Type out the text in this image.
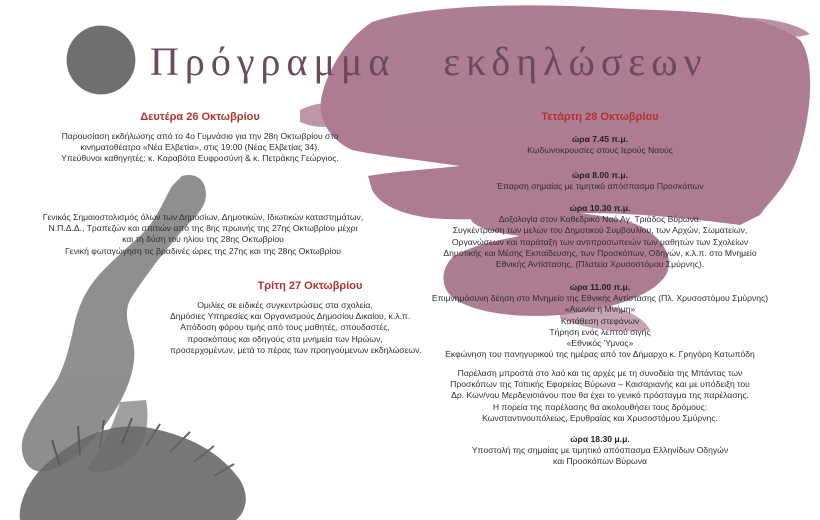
Πρόγραμμα   εκδηλώσεων
Δευτέρα 26 Οκτωβρίου
Παρουσίαση εκδήλωσης από το 4ο Γυμνάσιο για την 28η Οκτωβρίου στο
κινηματοθέατρο «Νέα Ελβετία», στις 19:00 (Νέας Ελβετίας 34).
Υπεύθυνοι καθηγητές: κ. Καραβότα Ευφροσύνη & κ. Πετράκης Γεώργιος.
Γενικός Σημαιοστολισμός όλων των Δημοσίων, Δημοτικών, Ιδιωτικών καταστημάτων,
Ν.Π.Δ.Δ., Τραπεζών και σπιτιών από της 8ης πρωινής της 27ης Οκτωβρίου μέχρι
και τη δύση του ηλίου της 28ης Οκτωβρίου
Γενική φωταγώγηση τις βραδινές ώρες της 27ης και της 28ης Οκτωβρίου
Τρίτη 27 Οκτωβρίου
Ομιλίες σε ειδικές συγκεντρώσεις στα σχολεία,
Δημόσιες Υπηρεσίες και Οργανισμούς Δημοσίου Δικαίου, κ.λ.π.
Απόδοση φόρου τιμής από τους μαθητές, σπουδαστές,
προσκόπους και οδηγούς στα μνημεία των Ηρώων,
προσερχομένων, μετά το πέρας των προηγούμενων εκδηλώσεων.
Τετάρτη 28 Οκτωβρίου
ώρα 7.45 π.μ.
Κωδωνοκρουσίες στους Ιερούς Ναούς
ώρα 8.00 π.μ.
Έπαρση σημαίας με τιμητικό απόσπασμα Προσκόπων
ώρα 10.30 π.μ.
Δοξολογία στον Καθεδρικό Ναό Αγ. Τριάδος Βύρωνα.
Συγκέντρωση των μελών του Δημοτικού Συμβουλίου, των Αρχών, Σωματείων,
Οργανώσεων και παράταξη των αντιπροσωπειών των μαθητών των Σχολείων
Δημοτικής και Μέσης Εκπαίδευσης, των Προσκόπων, Οδηγών, κ.λ.π. στο Μνημείο
Εθνικής Αντίστασης, (Πλατεία Χρυσοστόμου Σμύρνης).
ώρα 11.00 π.μ.
Επιμνημόσυνη δέηση στο Μνημείο της Εθνικής Αντίστασης (Πλ. Χρυσοστόμου Σμύρνης)
«Αιωνία η Μνήμη»
Κατάθεση στεφάνων
Τήρηση ενός λεπτού σιγής
«Εθνικός Ύμνος»
Εκφώνηση του πανηγυρικού της ημέρας από τον Δήμαρχο κ. Γρηγόρη Κατωπόδη
Παρέλαση μπροστά στο λαό και τις αρχές με τη συνοδεία της Μπάντας των
Προσκόπων της Τοπικής Εφορείας Βύρωνα – Καισαριανής και με υπόδειξη του
Δρ. Κων/νου Μερδενισιάνου που θα έχει το γενικό πρόσταγμα της παρέλασης.
Η πορεία της παρέλασης θα ακολουθήσει τους δρόμους:
Κωνσταντινουπόλεως, Ερυθραίας και Χρυσοστόμου Σμύρνης.
ώρα 18.30 μ.μ.
Υποστολή της σημαίας με τιμητικό απόσπασμα Ελληνίδων Οδηγών
και Προσκόπων Βύρωνα
